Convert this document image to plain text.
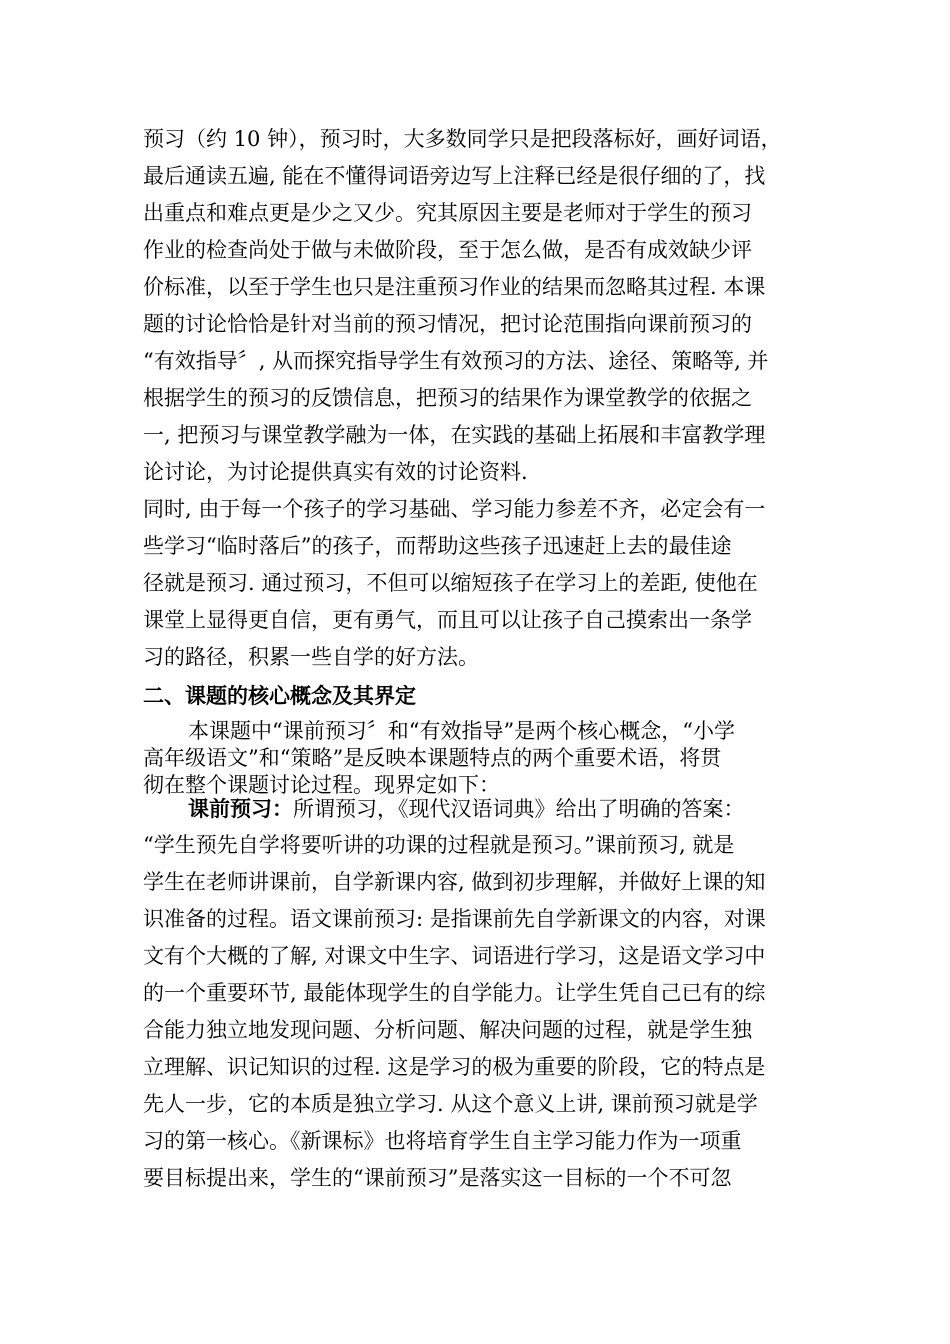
预习（约 10 钟），预习时，大多数同学只是把段落标好，画好词语，
最后通读五遍, 能在不懂得词语旁边写上注释已经是很仔细的了，找
出重点和难点更是少之又少。究其原因主要是老师对于学生的预习
作业的检查尚处于做与未做阶段，至于怎么做，是否有成效缺少评
价标准，以至于学生也只是注重预习作业的结果而忽略其过程. 本课
题的讨论恰恰是针对当前的预习情况，把讨论范围指向课前预习的
“有效指导〞, 从而探究指导学生有效预习的方法、途径、策略等, 并
根据学生的预习的反馈信息，把预习的结果作为课堂教学的依据之
一, 把预习与课堂教学融为一体，在实践的基础上拓展和丰富教学理
论讨论，为讨论提供真实有效的讨论资料.
同时, 由于每一个孩子的学习基础、学习能力参差不齐，必定会有一
些学习“临时落后”的孩子，而帮助这些孩子迅速赶上去的最佳途
径就是预习. 通过预习，不但可以缩短孩子在学习上的差距, 使他在
课堂上显得更自信，更有勇气，而且可以让孩子自己摸索出一条学
习的路径，积累一些自学的好方法。
二、课题的核心概念及其界定
本课题中“课前预习〞和“有效指导”是两个核心概念，“小学
高年级语文”和“策略”是反映本课题特点的两个重要术语，将贯
彻在整个课题讨论过程。现界定如下：
课前预习：所谓预习，《现代汉语词典》给出了明确的答案：
“学生预先自学将要听讲的功课的过程就是预习。”课前预习, 就是
学生在老师讲课前，自学新课内容, 做到初步理解，并做好上课的知
识准备的过程。语文课前预习: 是指课前先自学新课文的内容，对课
文有个大概的了解, 对课文中生字、词语进行学习，这是语文学习中
的一个重要环节, 最能体现学生的自学能力。让学生凭自己已有的综
合能力独立地发现问题、分析问题、解决问题的过程，就是学生独
立理解、识记知识的过程. 这是学习的极为重要的阶段，它的特点是
先人一步，它的本质是独立学习. 从这个意义上讲, 课前预习就是学
习的第一核心。《新课标》也将培育学生自主学习能力作为一项重
要目标提出来，学生的“课前预习”是落实这一目标的一个不可忽
